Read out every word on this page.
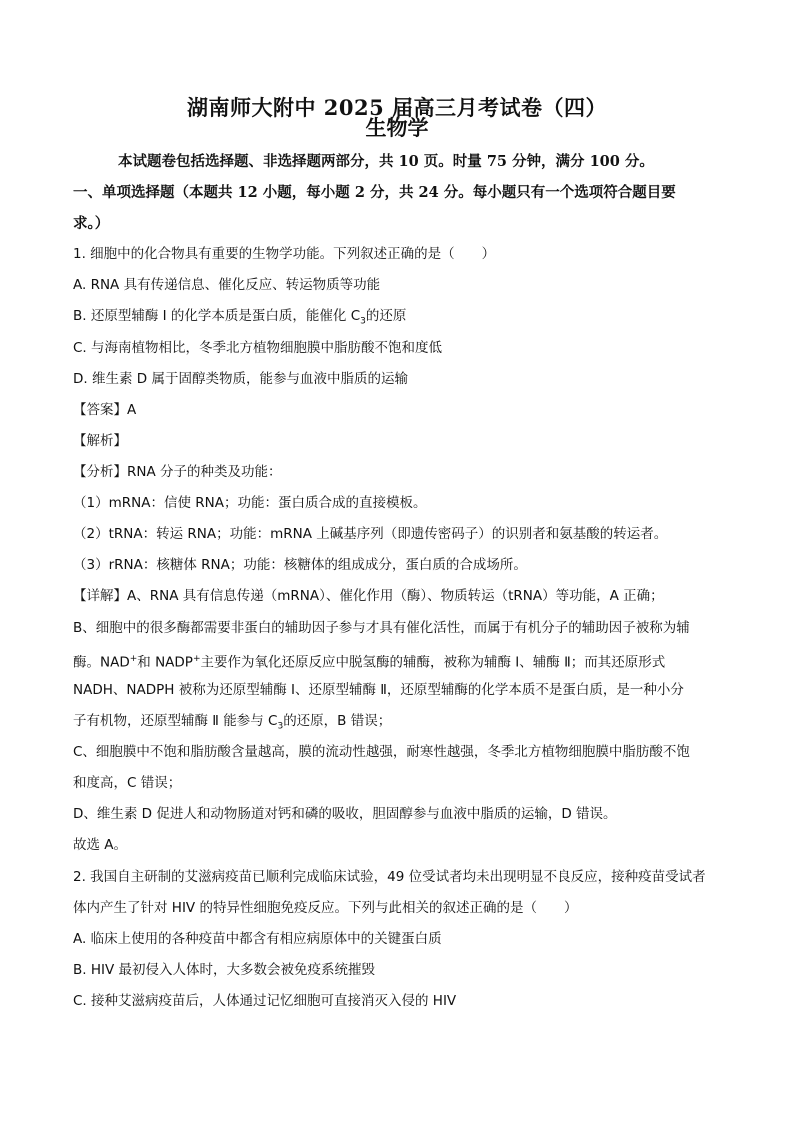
湖南师大附中 2025 届高三月考试卷（四）
生物学
本试题卷包括选择题、非选择题两部分，共 10 页。时量 75 分钟，满分 100 分。
一、单项选择题（本题共 12 小题，每小题 2 分，共 24 分。每小题只有一个选项符合题目要
求。）
1. 细胞中的化合物具有重要的生物学功能。下列叙述正确的是（　　）
A. RNA 具有传递信息、催化反应、转运物质等功能
B. 还原型辅酶 I 的化学本质是蛋白质，能催化 $C_3$的还原
C. 与海南植物相比，冬季北方植物细胞膜中脂肪酸不饱和度低
D. 维生素 D 属于固醇类物质，能参与血液中脂质的运输
【答案】A
【解析】
【分析】RNA 分子的种类及功能：
（1）mRNA：信使 RNA；功能：蛋白质合成的直接模板。
（2）tRNA：转运 RNA；功能：mRNA 上碱基序列（即遗传密码子）的识别者和氨基酸的转运者。
（3）rRNA：核糖体 RNA；功能：核糖体的组成成分，蛋白质的合成场所。
【详解】A、RNA 具有信息传递（mRNA）、催化作用（酶）、物质转运（tRNA）等功能，A 正确；
B、细胞中的很多酶都需要非蛋白的辅助因子参与才具有催化活性，而属于有机分子的辅助因子被称为辅
酶。NAD+和 NADP+主要作为氧化还原反应中脱氢酶的辅酶，被称为辅酶 Ⅰ、辅酶 Ⅱ；而其还原形式
NADH、NADPH 被称为还原型辅酶 Ⅰ、还原型辅酶 Ⅱ，还原型辅酶的化学本质不是蛋白质，是一种小分
子有机物，还原型辅酶 Ⅱ 能参与 $C_3$的还原，B 错误；
C、细胞膜中不饱和脂肪酸含量越高，膜的流动性越强，耐寒性越强，冬季北方植物细胞膜中脂肪酸不饱
和度高，C 错误；
D、维生素 D 促进人和动物肠道对钙和磷的吸收，胆固醇参与血液中脂质的运输，D 错误。
故选 A。
2. 我国自主研制的艾滋病疫苗已顺利完成临床试验，49 位受试者均未出现明显不良反应，接种疫苗受试者
体内产生了针对 HIV 的特异性细胞免疫反应。下列与此相关的叙述正确的是（　　）
A. 临床上使用的各种疫苗中都含有相应病原体中的关键蛋白质
B. HIV 最初侵入人体时，大多数会被免疫系统摧毁
C. 接种艾滋病疫苗后，人体通过记忆细胞可直接消灭入侵的 HIV
